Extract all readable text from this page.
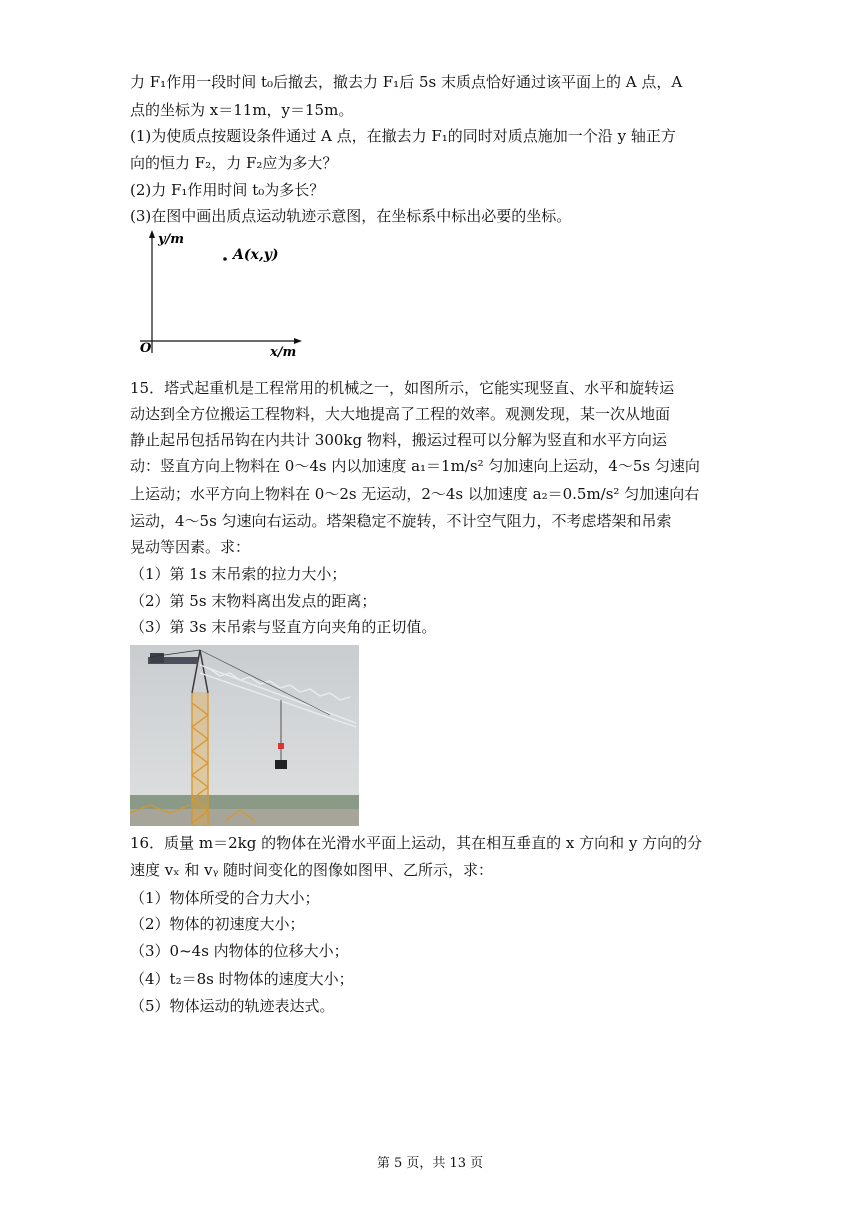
力 F₁作用一段时间 t₀后撤去，撤去力 F₁后 5s 末质点恰好通过该平面上的 A 点，A
点的坐标为 x＝11m，y＝15m。
(1)为使质点按题设条件通过 A 点，在撤去力 F₁的同时对质点施加一个沿 y 轴正方
向的恒力 F₂，力 F₂应为多大？
(2)力 F₁作用时间 t₀为多长？
(3)在图中画出质点运动轨迹示意图，在坐标系中标出必要的坐标。
y/m
x/m
O
A(x,y)
15．塔式起重机是工程常用的机械之一，如图所示，它能实现竖直、水平和旋转运
动达到全方位搬运工程物料，大大地提高了工程的效率。观测发现，某一次从地面
静止起吊包括吊钩在内共计 300kg 物料，搬运过程可以分解为竖直和水平方向运
动：竖直方向上物料在 0～4s 内以加速度 a₁＝1m/s² 匀加速向上运动，4～5s 匀速向
上运动；水平方向上物料在 0～2s 无运动，2～4s 以加速度 a₂＝0.5m/s² 匀加速向右
运动，4～5s 匀速向右运动。塔架稳定不旋转，不计空气阻力，不考虑塔架和吊索
晃动等因素。求：
（1）第 1s 末吊索的拉力大小；
（2）第 5s 末物料离出发点的距离；
（3）第 3s 末吊索与竖直方向夹角的正切值。
16．质量 m＝2kg 的物体在光滑水平面上运动，其在相互垂直的 x 方向和 y 方向的分
速度 vₓ 和 vᵧ 随时间变化的图像如图甲、乙所示，求：
（1）物体所受的合力大小；
（2）物体的初速度大小；
（3）0~4s 内物体的位移大小；
（4）t₂＝8s 时物体的速度大小；
（5）物体运动的轨迹表达式。
第 5 页，共 13 页
